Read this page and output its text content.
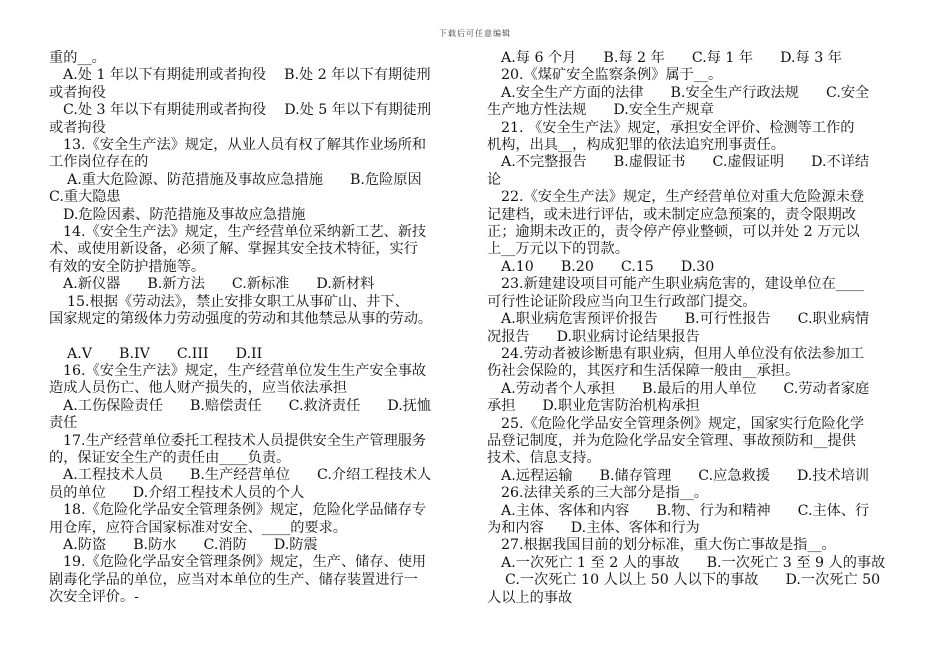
下载后可任意编辑

重的__。

A.处 1 年以下有期徒刑或者拘役    B.处 2 年以下有期徒刑

或者拘役

C.处 3 年以下有期徒刑或者拘役    D.处 5 年以下有期徒刑

或者拘役

13.《安全生产法》规定，从业人员有权了解其作业场所和

工作岗位存在的

A.重大危险源、防范措施及事故应急措施      B.危险原因

C.重大隐患

D.危险因素、防范措施及事故应急措施

14.《安全生产法》规定，生产经营单位采纳新工艺、新技

术、或使用新设备，必须了解、掌握其安全技术特征，实行

有效的安全防护措施等。

A.新仪器      B.新方法      C.新标准      D.新材料

15.根据《劳动法》，禁止安排女职工从事矿山、井下、

国家规定的第级体力劳动强度的劳动和其他禁忌从事的劳动。

A.V      B.IV      C.III      D.II

16.《安全生产法》规定，生产经营单位发生生产安全事故

造成人员伤亡、他人财产损失的，应当依法承担

A.工伤保险责任      B.赔偿责任      C.救济责任      D.抚恤

责任

17.生产经营单位委托工程技术人员提供安全生产管理服务

的，保证安全生产的责任由____负责。

A.工程技术人员      B.生产经营单位      C.介绍工程技术人

员的单位      D.介绍工程技术人员的个人

18.《危险化学品安全管理条例》规定，危险化学品储存专

用仓库，应符合国家标准对安全、____的要求。

A.防盗      B.防水      C.消防      D.防震

19.《危险化学品安全管理条例》规定，生产、储存、使用

剧毒化学品的单位，应当对本单位的生产、储存装置进行一

次安全评价。-

A.每 6 个月      B.每 2 年      C.每 1 年      D.每 3 年

20.《煤矿安全监察条例》属于__。

A.安全生产方面的法律      B.安全生产行政法规      C.安全

生产地方性法规      D.安全生产规章

21. 《安全生产法》规定，承担安全评价、检测等工作的

机构，出具__，构成犯罪的依法追究刑事责任。

A.不完整报告      B.虚假证书      C.虚假证明      D.不详结

论

22.《安全生产法》规定，生产经营单位对重大危险源未登

记建档，或未进行评估，或未制定应急预案的，责令限期改

正；逾期未改正的，责令停产停业整顿，可以并处 2 万元以

上__万元以下的罚款。

A.10      B.20      C.15      D.30

23.新建建设项目可能产生职业病危害的，建设单位在____

可行性论证阶段应当向卫生行政部门提交。

A.职业病危害预评价报告      B.可行性报告      C.职业病情

况报告      D.职业病讨论结果报告

24.劳动者被诊断患有职业病，但用人单位没有依法参加工

伤社会保险的，其医疗和生活保障一般由__承担。

A.劳动者个人承担      B.最后的用人单位      C.劳动者家庭

承担      D.职业危害防治机构承担

25.《危险化学品安全管理条例》规定，国家实行危险化学

品登记制度，并为危险化学品安全管理、事故预防和__提供

技术、信息支持。

A.远程运输      B.储存管理      C.应急救援      D.技术培训

26.法律关系的三大部分是指__。

A.主体、客体和内容      B.物、行为和精神      C.主体、行

为和内容      D.主体、客体和行为

27.根据我国目前的划分标准，重大伤亡事故是指__。

A.一次死亡 1 至 2 人的事故      B.一次死亡 3 至 9 人的事故

C.一次死亡 10 人以上 50 人以下的事故      D.一次死亡 50

人以上的事故
